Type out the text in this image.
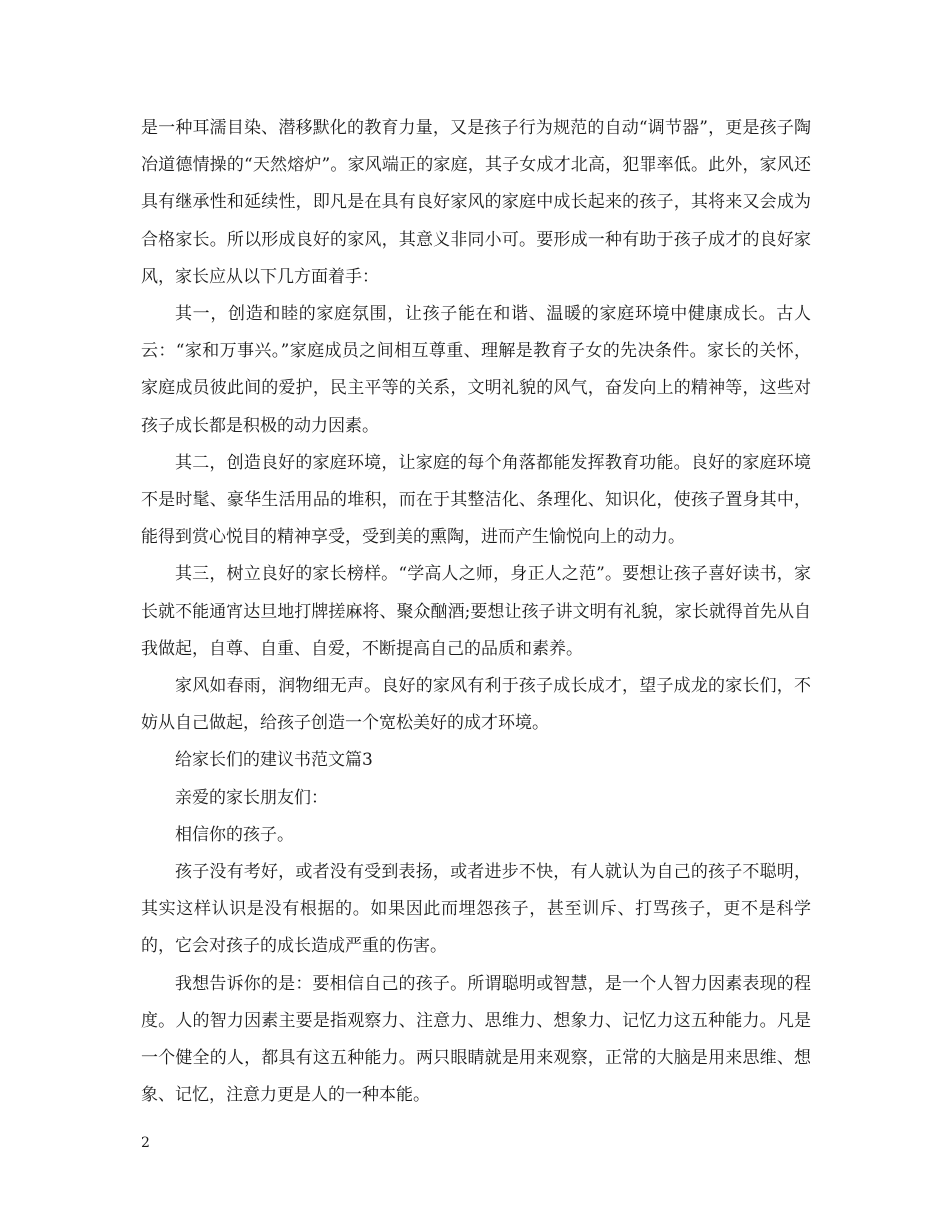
是一种耳濡目染、潜移默化的教育力量，又是孩子行为规范的自动“调节器”，更是孩子陶冶道德情操的“天然熔炉”。家风端正的家庭，其子女成才北高，犯罪率低。此外，家风还具有继承性和延续性，即凡是在具有良好家风的家庭中成长起来的孩子，其将来又会成为合格家长。所以形成良好的家风，其意义非同小可。要形成一种有助于孩子成才的良好家风，家长应从以下几方面着手：

其一，创造和睦的家庭氛围，让孩子能在和谐、温暖的家庭环境中健康成长。古人云：“家和万事兴。”家庭成员之间相互尊重、理解是教育子女的先决条件。家长的关怀，家庭成员彼此间的爱护，民主平等的关系，文明礼貌的风气，奋发向上的精神等，这些对孩子成长都是积极的动力因素。

其二，创造良好的家庭环境，让家庭的每个角落都能发挥教育功能。良好的家庭环境不是时髦、豪华生活用品的堆积，而在于其整洁化、条理化、知识化，使孩子置身其中，能得到赏心悦目的精神享受，受到美的熏陶，进而产生愉悦向上的动力。

其三，树立良好的家长榜样。“学高人之师，身正人之范”。要想让孩子喜好读书，家长就不能通宵达旦地打牌搓麻将、聚众酗酒;要想让孩子讲文明有礼貌，家长就得首先从自我做起，自尊、自重、自爱，不断提高自己的品质和素养。

家风如春雨，润物细无声。良好的家风有利于孩子成长成才，望子成龙的家长们，不妨从自己做起，给孩子创造一个宽松美好的成才环境。

给家长们的建议书范文篇3

亲爱的家长朋友们：

相信你的孩子。

孩子没有考好，或者没有受到表扬，或者进步不快，有人就认为自己的孩子不聪明，其实这样认识是没有根据的。如果因此而埋怨孩子，甚至训斥、打骂孩子，更不是科学的，它会对孩子的成长造成严重的伤害。

我想告诉你的是：要相信自己的孩子。所谓聪明或智慧，是一个人智力因素表现的程度。人的智力因素主要是指观察力、注意力、思维力、想象力、记忆力这五种能力。凡是一个健全的人，都具有这五种能力。两只眼睛就是用来观察，正常的大脑是用来思维、想象、记忆，注意力更是人的一种本能。

2
